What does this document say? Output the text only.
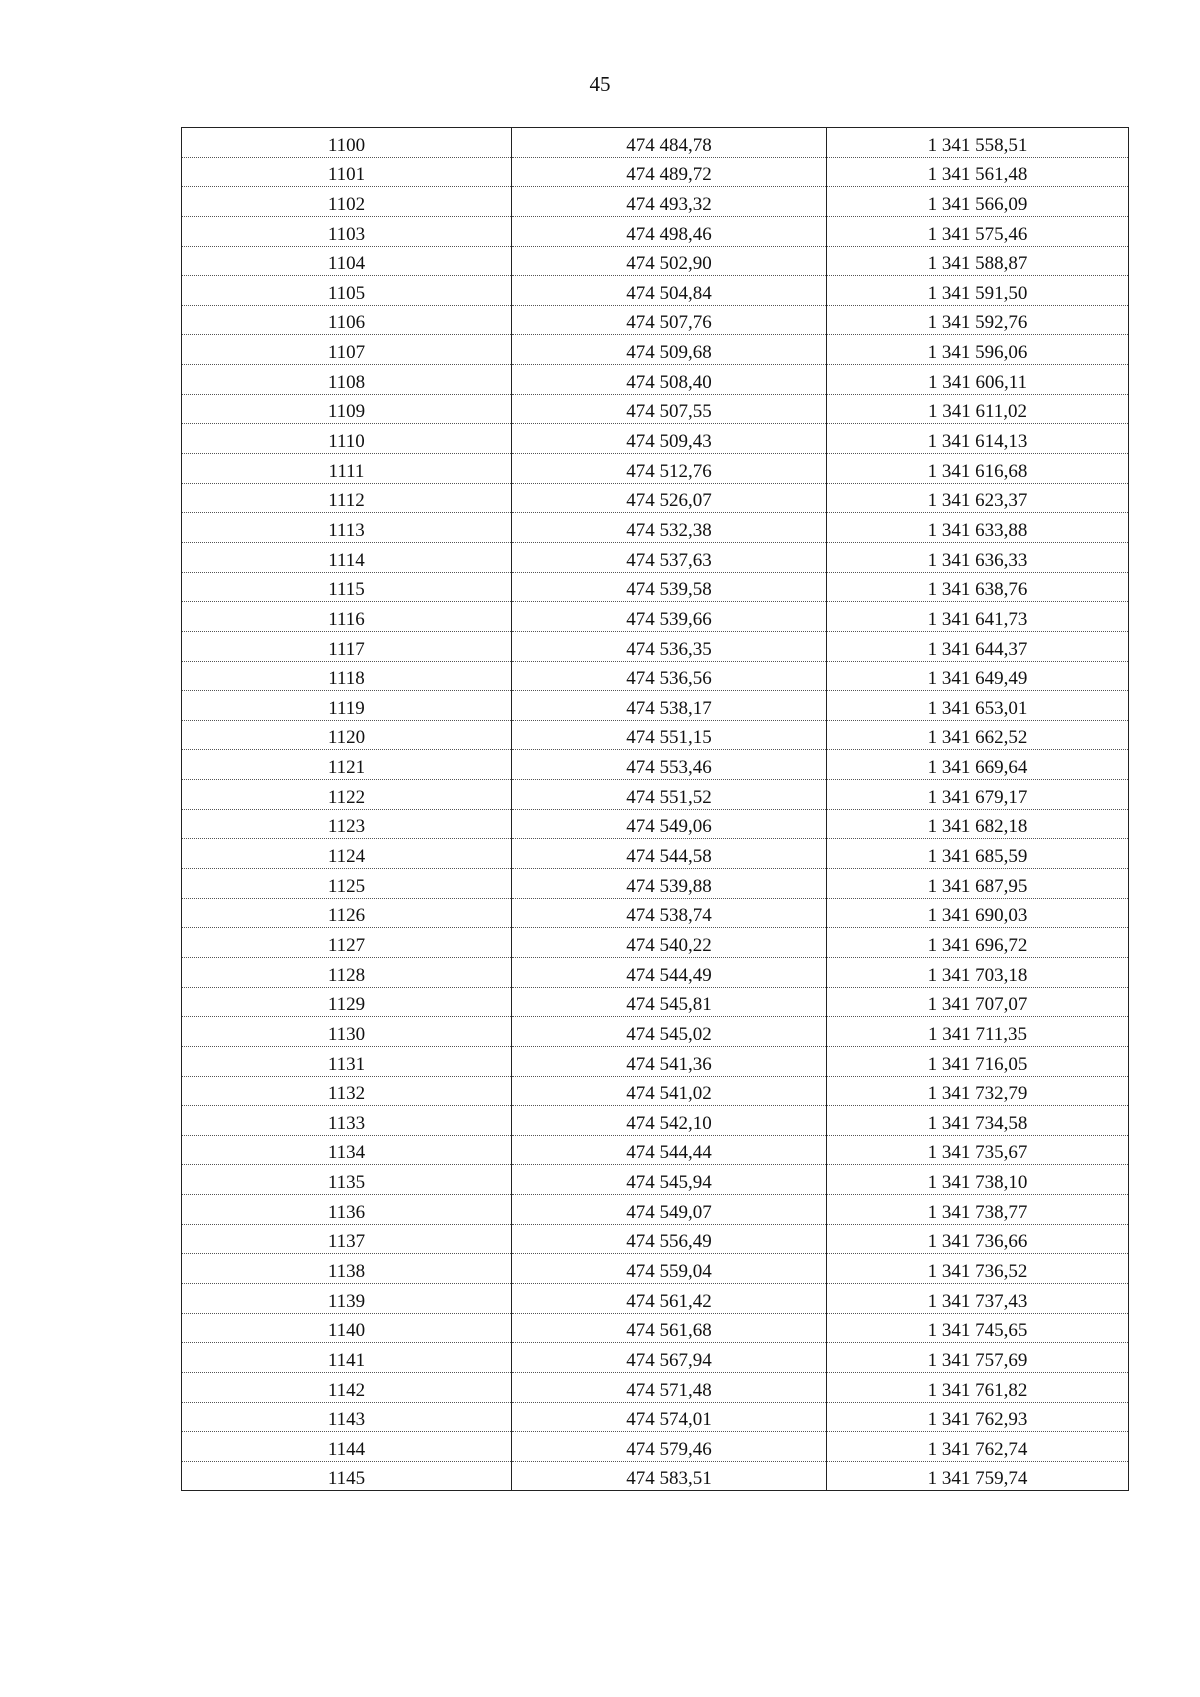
45
1100	474 484,78	1 341 558,51
1101	474 489,72	1 341 561,48
1102	474 493,32	1 341 566,09
1103	474 498,46	1 341 575,46
1104	474 502,90	1 341 588,87
1105	474 504,84	1 341 591,50
1106	474 507,76	1 341 592,76
1107	474 509,68	1 341 596,06
1108	474 508,40	1 341 606,11
1109	474 507,55	1 341 611,02
1110	474 509,43	1 341 614,13
1111	474 512,76	1 341 616,68
1112	474 526,07	1 341 623,37
1113	474 532,38	1 341 633,88
1114	474 537,63	1 341 636,33
1115	474 539,58	1 341 638,76
1116	474 539,66	1 341 641,73
1117	474 536,35	1 341 644,37
1118	474 536,56	1 341 649,49
1119	474 538,17	1 341 653,01
1120	474 551,15	1 341 662,52
1121	474 553,46	1 341 669,64
1122	474 551,52	1 341 679,17
1123	474 549,06	1 341 682,18
1124	474 544,58	1 341 685,59
1125	474 539,88	1 341 687,95
1126	474 538,74	1 341 690,03
1127	474 540,22	1 341 696,72
1128	474 544,49	1 341 703,18
1129	474 545,81	1 341 707,07
1130	474 545,02	1 341 711,35
1131	474 541,36	1 341 716,05
1132	474 541,02	1 341 732,79
1133	474 542,10	1 341 734,58
1134	474 544,44	1 341 735,67
1135	474 545,94	1 341 738,10
1136	474 549,07	1 341 738,77
1137	474 556,49	1 341 736,66
1138	474 559,04	1 341 736,52
1139	474 561,42	1 341 737,43
1140	474 561,68	1 341 745,65
1141	474 567,94	1 341 757,69
1142	474 571,48	1 341 761,82
1143	474 574,01	1 341 762,93
1144	474 579,46	1 341 762,74
1145	474 583,51	1 341 759,74
